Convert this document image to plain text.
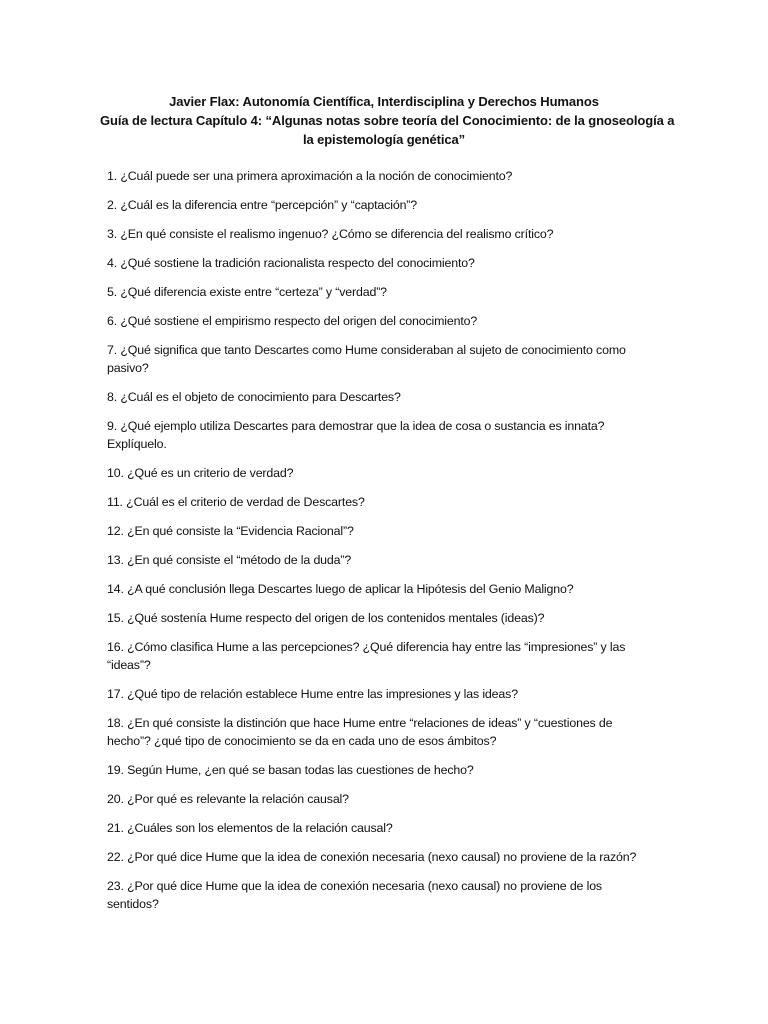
Javier Flax: Autonomía Científica, Interdisciplina y Derechos Humanos
Guía de lectura Capítulo 4: “Algunas notas sobre teoría del Conocimiento: de la gnoseología a
la epistemología genética”
1. ¿Cuál puede ser una primera aproximación a la noción de conocimiento?
2. ¿Cuál es la diferencia entre “percepción” y “captación”?
3. ¿En qué consiste el realismo ingenuo? ¿Cómo se diferencia del realismo crítico?
4. ¿Qué sostiene la tradición racionalista respecto del conocimiento?
5. ¿Qué diferencia existe entre “certeza” y “verdad”?
6. ¿Qué sostiene el empirismo respecto del origen del conocimiento?
7. ¿Qué significa que tanto Descartes como Hume consideraban al sujeto de conocimiento como
pasivo?
8. ¿Cuál es el objeto de conocimiento para Descartes?
9. ¿Qué ejemplo utiliza Descartes para demostrar que la idea de cosa o sustancia es innata?
Explíquelo.
10. ¿Qué es un criterio de verdad?
11. ¿Cuál es el criterio de verdad de Descartes?
12. ¿En qué consiste la “Evidencia Racional”?
13. ¿En qué consiste el “método de la duda”?
14. ¿A qué conclusión llega Descartes luego de aplicar la Hipótesis del Genio Maligno?
15. ¿Qué sostenía Hume respecto del origen de los contenidos mentales (ideas)?
16. ¿Cómo clasifica Hume a las percepciones? ¿Qué diferencia hay entre las “impresiones” y las
“ideas”?
17. ¿Qué tipo de relación establece Hume entre las impresiones y las ideas?
18. ¿En qué consiste la distinción que hace Hume entre “relaciones de ideas” y “cuestiones de
hecho”? ¿qué tipo de conocimiento se da en cada uno de esos ámbitos?
19. Según Hume, ¿en qué se basan todas las cuestiones de hecho?
20. ¿Por qué es relevante la relación causal?
21. ¿Cuáles son los elementos de la relación causal?
22. ¿Por qué dice Hume que la idea de conexión necesaria (nexo causal) no proviene de la razón?
23. ¿Por qué dice Hume que la idea de conexión necesaria (nexo causal) no proviene de los
sentidos?
